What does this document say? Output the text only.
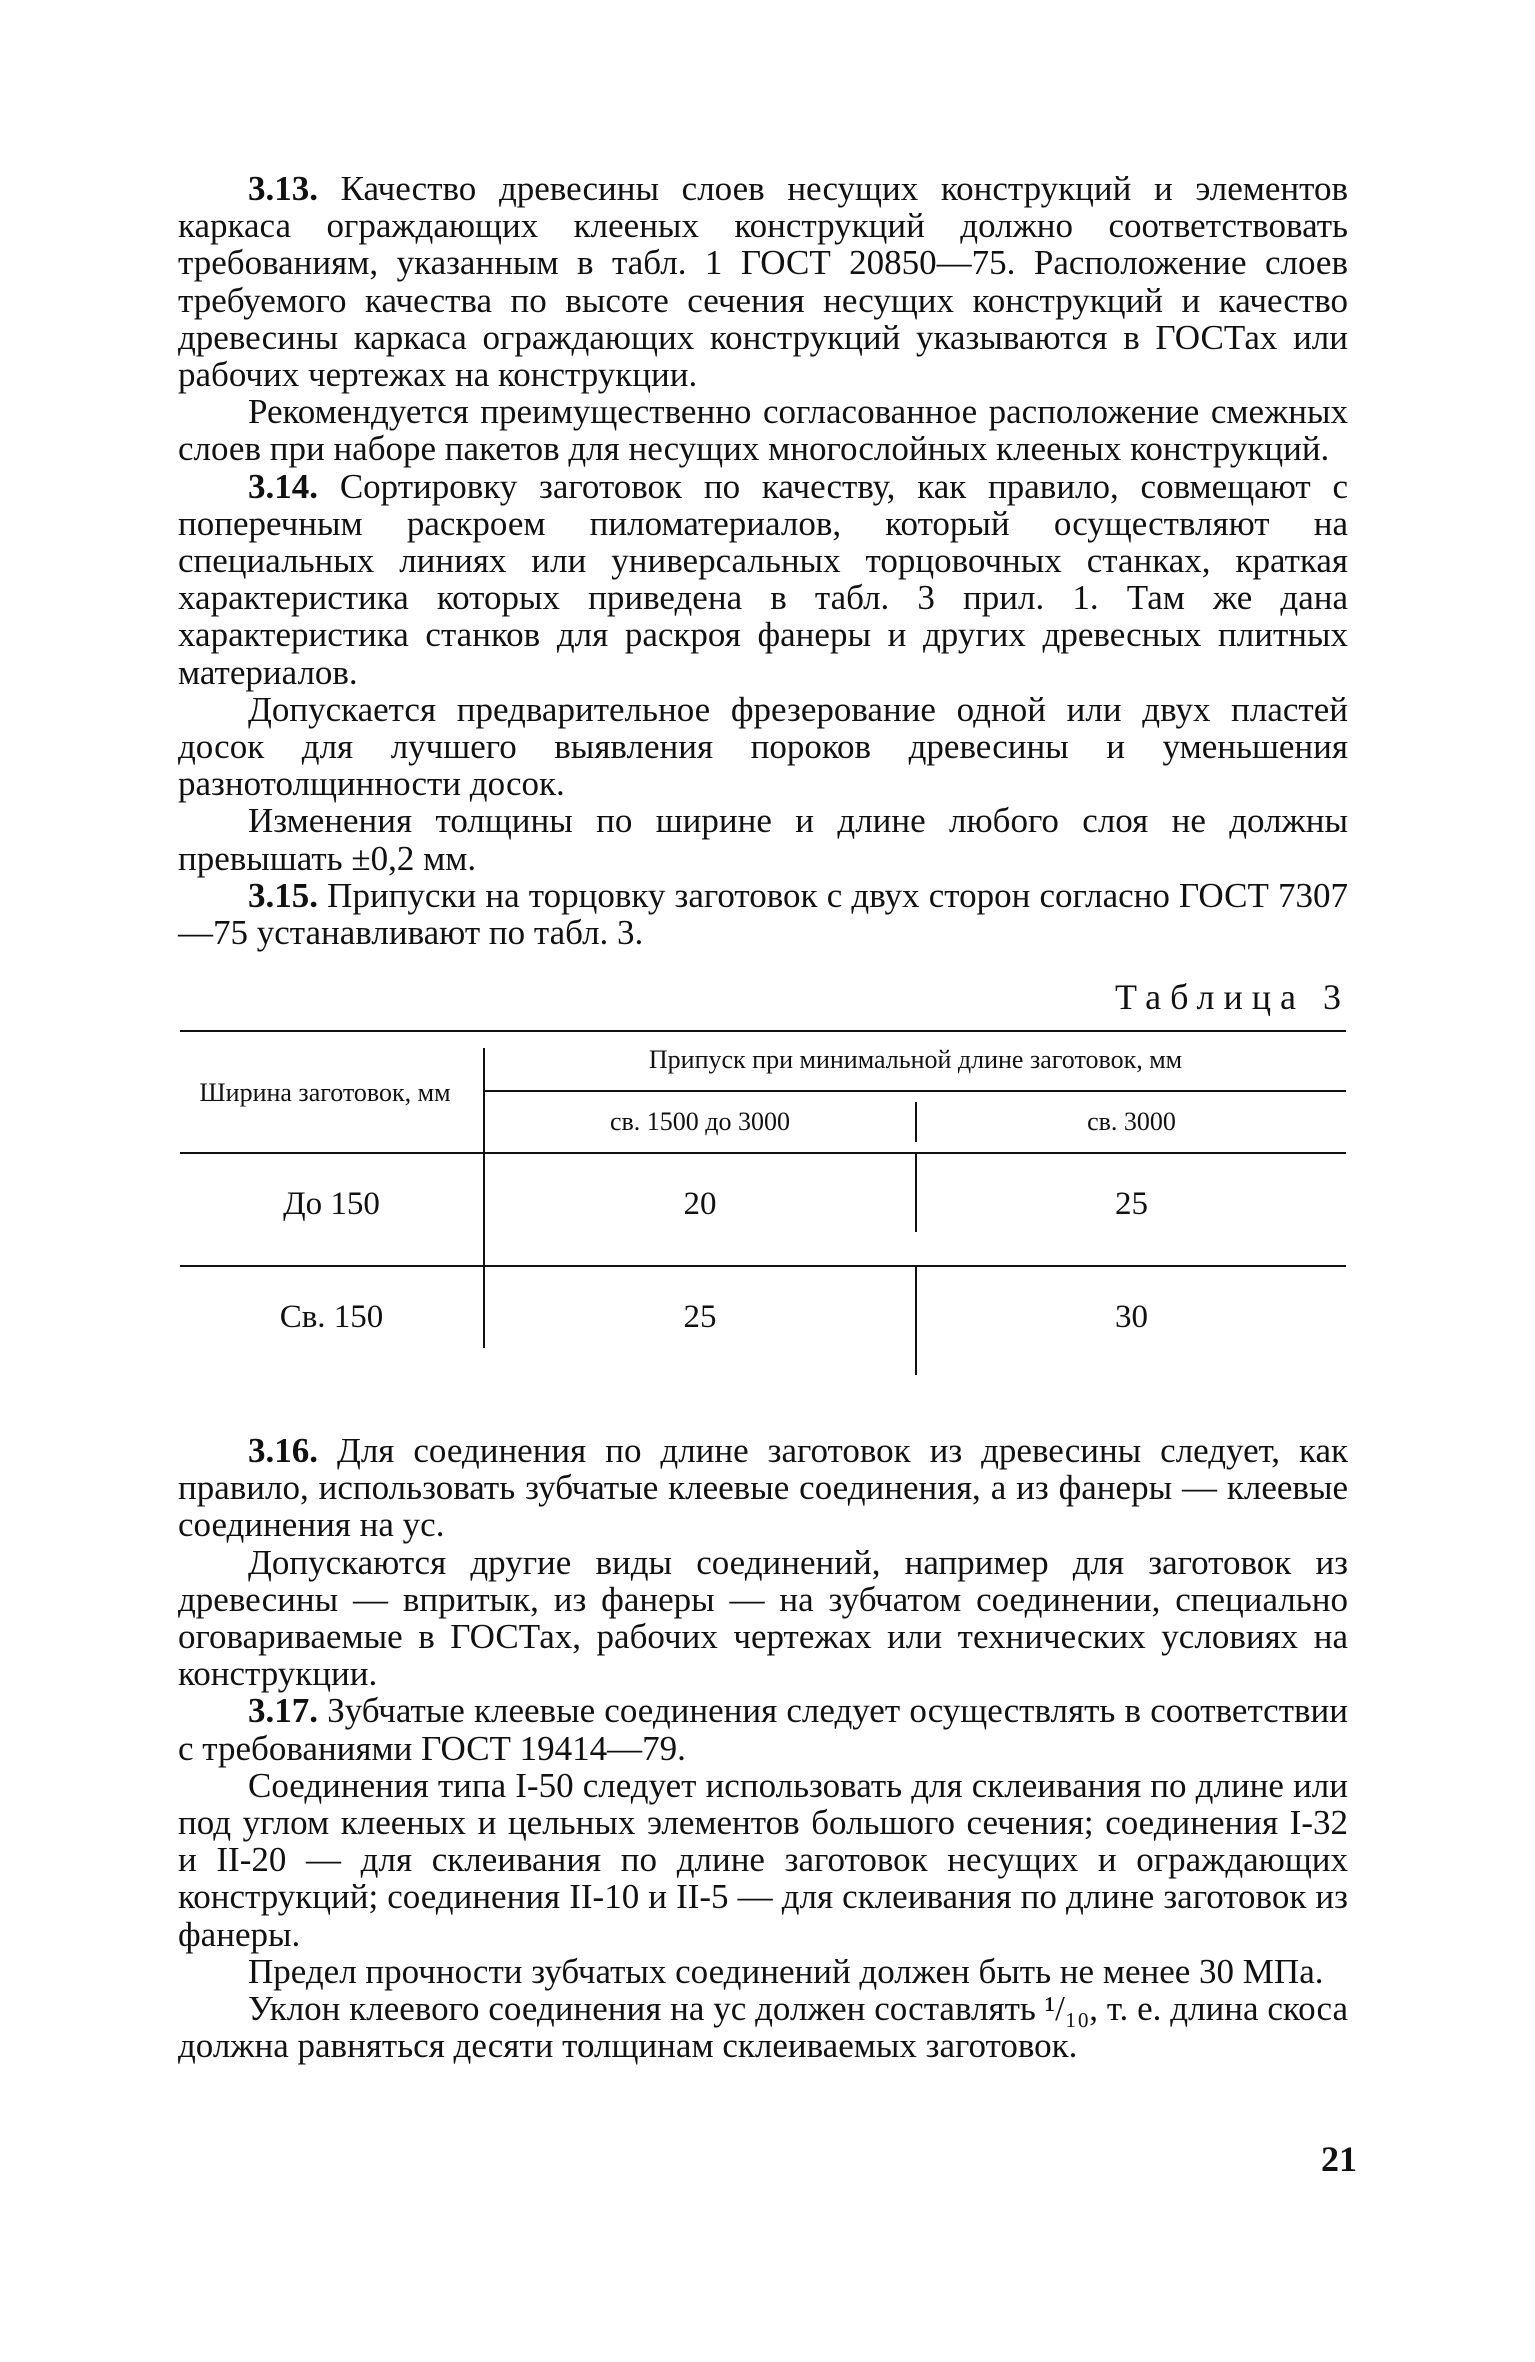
3.13. Качество древесины слоев несущих конструкций и элементов каркаса ограждающих клееных конструкций должно соответствовать требованиям, указанным в табл. 1 ГОСТ 20850—75. Расположение слоев требуемого качества по высоте сечения несущих конструкций и качество древесины каркаса ограждающих конструкций указываются в ГОСТах или рабочих чертежах на конструкции.

Рекомендуется преимущественно согласованное расположение смежных слоев при наборе пакетов для несущих многослойных клееных конструкций.

3.14. Сортировку заготовок по качеству, как правило, совмещают с поперечным раскроем пиломатериалов, который осуществляют на специальных линиях или универсальных торцовочных станках, краткая характеристика которых приведена в табл. 3 прил. 1. Там же дана характеристика станков для раскроя фанеры и других древесных плитных материалов.

Допускается предварительное фрезерование одной или двух пластей досок для лучшего выявления пороков древесины и уменьшения разнотолщинности досок.

Изменения толщины по ширине и длине любого слоя не должны превышать ±0,2 мм.

3.15. Припуски на торцовку заготовок с двух сторон согласно ГОСТ 7307—75 устанавливают по табл. 3.

Таблица 3
Ширина заготовок, мм
Припуск при минимальной длине заготовок, мм
св. 1500 до 3000	св. 3000
До 150	20	25
Св. 150	25	30

3.16. Для соединения по длине заготовок из древесины следует, как правило, использовать зубчатые клеевые соединения, а из фанеры — клеевые соединения на ус.

Допускаются другие виды соединений, например для заготовок из древесины — впритык, из фанеры — на зубчатом соединении, специально оговариваемые в ГОСТах, рабочих чертежах или технических условиях на конструкции.

3.17. Зубчатые клеевые соединения следует осуществлять в соответствии с требованиями ГОСТ 19414—79.

Соединения типа I-50 следует использовать для склеивания по длине или под углом клееных и цельных элементов большого сечения; соединения I-32 и II-20 — для склеивания по длине заготовок несущих и ограждающих конструкций; соединения II-10 и II-5 — для склеивания по длине заготовок из фанеры.

Предел прочности зубчатых соединений должен быть не менее 30 МПа.

Уклон клеевого соединения на ус должен составлять ¹/₁₀, т. е. длина скоса должна равняться десяти толщинам склеиваемых заготовок.

21
